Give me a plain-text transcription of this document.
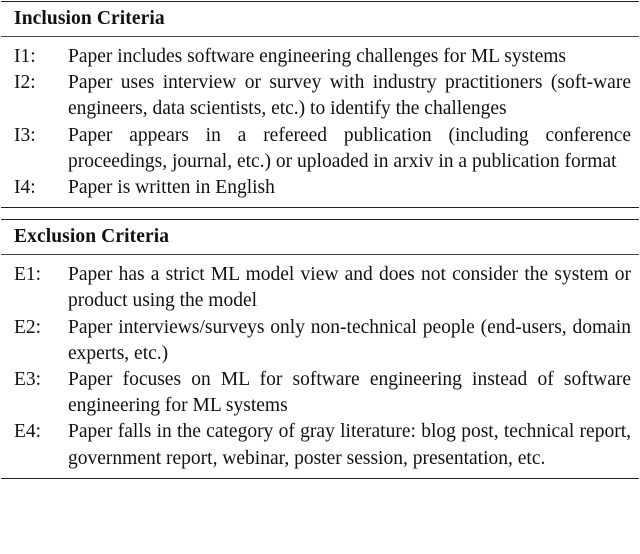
Inclusion Criteria
I1:	Paper includes software engineering challenges for ML systems
I2:	Paper uses interview or survey with industry practitioners (soft-ware engineers, data scientists, etc.) to identify the challenges
I3:	Paper appears in a refereed publication (including conference proceedings, journal, etc.) or uploaded in arxiv in a publication format
I4:	Paper is written in English
Exclusion Criteria
E1:	Paper has a strict ML model view and does not consider the system or product using the model
E2:	Paper interviews/surveys only non-technical people (end-users, domain experts, etc.)
E3:	Paper focuses on ML for software engineering instead of software engineering for ML systems
E4:	Paper falls in the category of gray literature: blog post, technical report, government report, webinar, poster session, presentation, etc.
